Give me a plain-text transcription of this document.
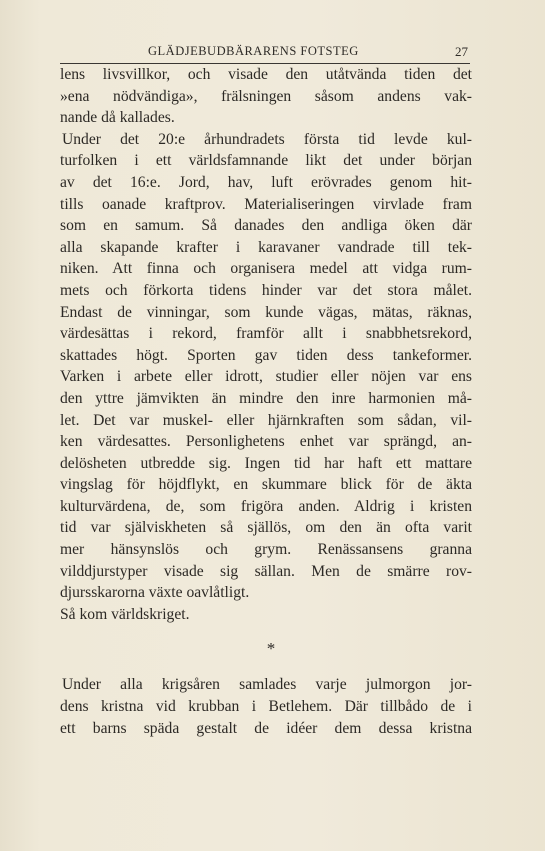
GLÄDJEBUDBÄRARENS FOTSTEG	27
lens livsvillkor, och visade den utåtvända tiden det
»ena nödvändiga», frälsningen såsom andens vak-
nande då kallades.
Under det 20:e århundradets första tid levde kul-
turfolken i ett världsfamnande likt det under början
av det 16:e. Jord, hav, luft erövrades genom hit-
tills oanade kraftprov. Materialiseringen virvlade fram
som en samum. Så danades den andliga öken där
alla skapande krafter i karavaner vandrade till tek-
niken. Att finna och organisera medel att vidga rum-
mets och förkorta tidens hinder var det stora målet.
Endast de vinningar, som kunde vägas, mätas, räknas,
värdesättas i rekord, framför allt i snabbhetsrekord,
skattades högt. Sporten gav tiden dess tankeformer.
Varken i arbete eller idrott, studier eller nöjen var ens
den yttre jämvikten än mindre den inre harmonien må-
let. Det var muskel- eller hjärnkraften som sådan, vil-
ken värdesattes. Personlighetens enhet var sprängd, an-
delösheten utbredde sig. Ingen tid har haft ett mattare
vingslag för höjdflykt, en skummare blick för de äkta
kulturvärdena, de, som frigöra anden. Aldrig i kristen
tid var själviskheten så själlös, om den än ofta varit
mer hänsynslös och grym. Renässansens granna
vilddjurstyper visade sig sällan. Men de smärre rov-
djursskarorna växte oavlåtligt.
Så kom världskriget.
*
Under alla krigsåren samlades varje julmorgon jor-
dens kristna vid krubban i Betlehem. Där tillbådo de i
ett barns späda gestalt de idéer dem dessa kristna
